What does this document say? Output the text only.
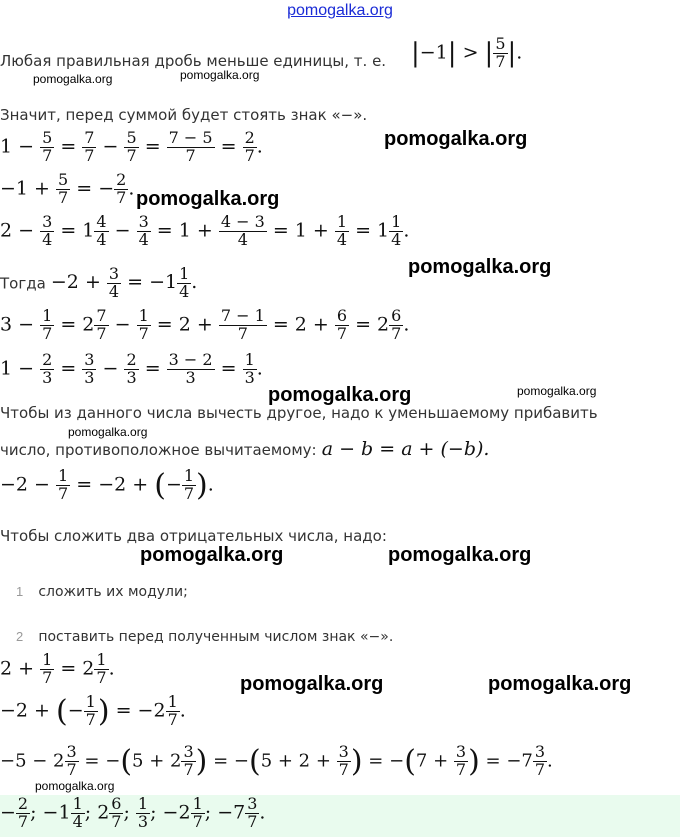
pomogalka.org
Любая правильная дробь меньше единицы, т. е. |−1| > | $\frac{5}{7}$ |.
Значит, перед суммой будет стоять знак «−».
$1 - \frac{5}{7} = \frac{7}{7} - \frac{5}{7} = \frac{7 - 5}{7} = \frac{2}{7}$ .
$-1 + \frac{5}{7}$ = − $\frac{2}{7}$ .
$2 - \frac{3}{4} = 1 \frac{4}{4} - \frac{3}{4} = 1 + \frac{4 - 3}{4} = 1 + \frac{1}{4} = 1 \frac{1}{4}$ .
Тогда $-2 + \frac{3}{4} = -1 \frac{1}{4}$ .
$3 - \frac{1}{7} = 2 \frac{7}{7} - \frac{1}{7} = 2 + \frac{7 - 1}{7} = 2 + \frac{6}{7} = 2 \frac{6}{7}$ .
$1 - \frac{2}{3} = \frac{3}{3} - \frac{2}{3} = \frac{3 - 2}{3} = \frac{1}{3}$ .
Чтобы из данного числа вычесть другое, надо к уменьшаемому прибавить
число, противоположное вычитаемому: a − b = a + (−b).
$-2 - \frac{1}{7} = -2$ + (− $\frac{1}{7}$ ).
Чтобы сложить два отрицательных числа, надо:
1 сложить их модули;
2 поставить перед полученным числом знак «−».
$2 + \frac{1}{7} = 2 \frac{1}{7}$ .
−2 + (− $\frac{1}{7}$ ) = $-2 \frac{1}{7}$ .
$-5 - 2 \frac{3}{7} = -(5 + 2 \frac{3}{7}$ ) = $-(5 + 2 + \frac{3}{7}$ ) = $-(7 + \frac{3}{7}$ ) = $-7 \frac{3}{7}$ .
− $\frac{2}{7}$ ; $-1 \frac{1}{4}$ ; $2 \frac{6}{7}$ ; $\frac{1}{3}$ ; $-2 \frac{1}{7}$ ; $-7 \frac{3}{7}$ .
pomogalka.org	pomogalka.org
pomogalka.org
pomogalka.org
pomogalka.org
pomogalka.org	pomogalka.org
pomogalka.org
pomogalka.org	pomogalka.org
pomogalka.org	pomogalka.org
pomogalka.org
